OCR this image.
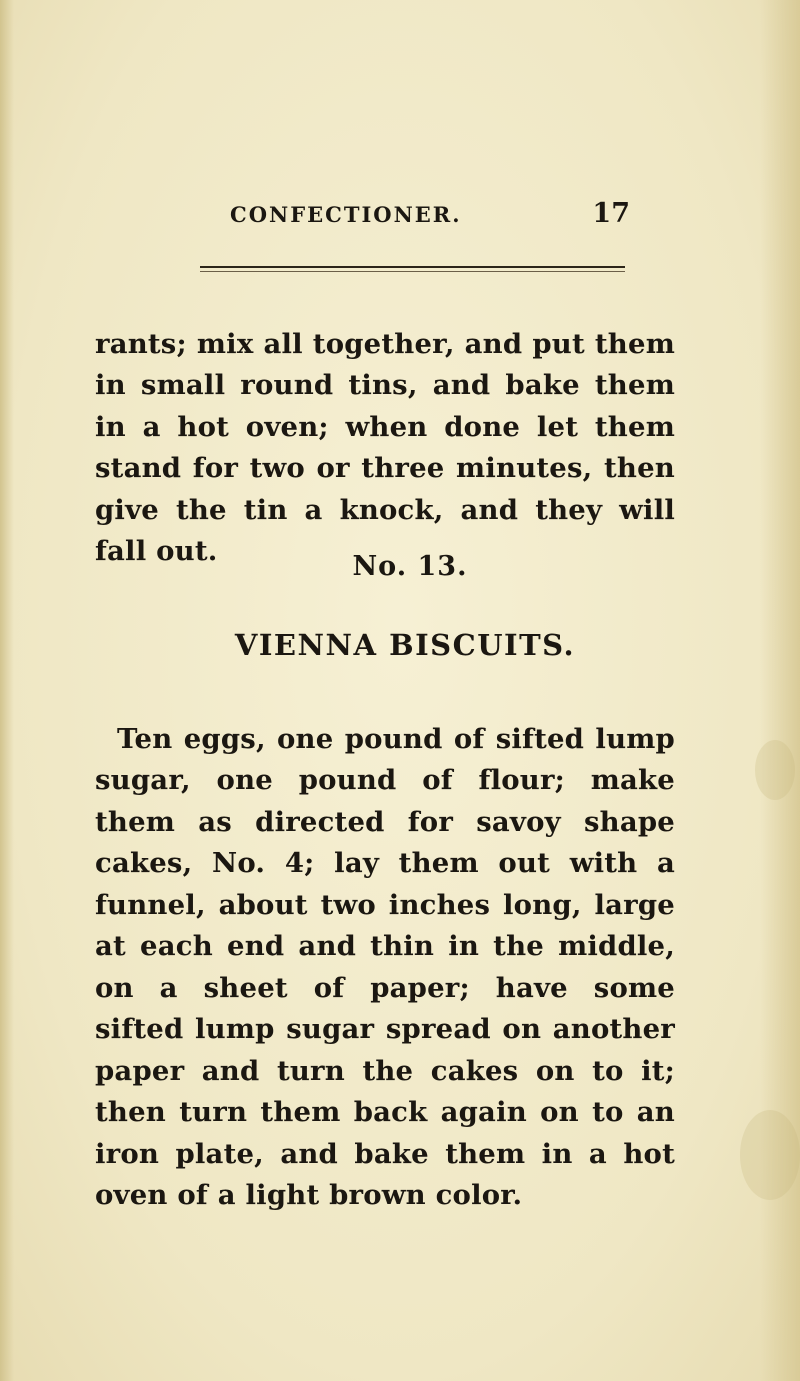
CONFECTIONER.	17

rants; mix all together, and put them in small round tins, and bake them in a hot oven; when done let them stand for two or three minutes, then give the tin a knock, and they will fall out.	No. 13.
VIENNA BISCUITS.

Ten eggs, one pound of sifted lump sugar, one pound of flour; make them as directed for savoy shape cakes, No. 4; lay them out with a funnel, about two inches long, large at each end and thin in the middle, on a sheet of paper; have some sifted lump sugar spread on another paper and turn the cakes on to it; then turn them back again on to an iron plate, and bake them in a hot oven of a light brown color.
